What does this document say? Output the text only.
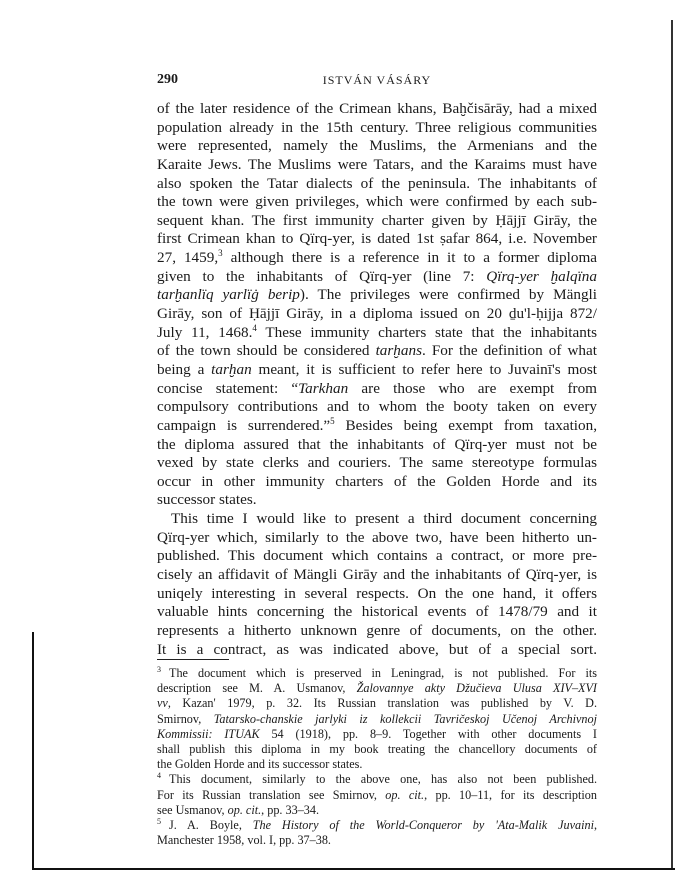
290	ISTVÁN VÁSÁRY
of the later residence of the Crimean khans, Baḫčisārāy, had a mixed
population already in the 15th century. Three religious communities
were represented, namely the Muslims, the Armenians and the
Karaite Jews. The Muslims were Tatars, and the Karaims must have
also spoken the Tatar dialects of the peninsula. The inhabitants of
the town were given privileges, which were confirmed by each sub-
sequent khan. The first immunity charter given by Ḥājjī Girāy, the
first Crimean khan to Qïrq-yer, is dated 1st ṣafar 864, i.e. November
27, 1459,$^3$ although there is a reference in it to a former diploma
given to the inhabitants of Qïrq-yer (line 7: Qïrq-yer ḫalqïna
tarḫanlïq yarlïġ berip). The privileges were confirmed by Mängli
Girāy, son of Ḥājjī Girāy, in a diploma issued on 20 ḏu'l-ḥijja 872/
July 11, 1468.$^4$ These immunity charters state that the inhabitants
of the town should be considered tarḫans. For the definition of what
being a tarḫan meant, it is sufficient to refer here to Juvainī's most
concise statement: “Tarkhan are those who are exempt from
compulsory contributions and to whom the booty taken on every
campaign is surrendered.”$^5$ Besides being exempt from taxation,
the diploma assured that the inhabitants of Qïrq-yer must not be
vexed by state clerks and couriers. The same stereotype formulas
occur in other immunity charters of the Golden Horde and its
successor states.
This time I would like to present a third document concerning
Qïrq-yer which, similarly to the above two, have been hitherto un-
published. This document which contains a contract, or more pre-
cisely an affidavit of Mängli Girāy and the inhabitants of Qïrq-yer, is
uniqely interesting in several respects. On the one hand, it offers
valuable hints concerning the historical events of 1478/79 and it
represents a hitherto unknown genre of documents, on the other.
It is a contract, as was indicated above, but of a special sort.
$^3$ The document which is preserved in Leningrad, is not published. For its
description see M. A. Usmanov, Žalovannye akty Džučieva Ulusa XIV–XVI
vv, Kazan' 1979, p. 32. Its Russian translation was published by V. D.
Smirnov, Tatarsko-chanskie jarlyki iz kollekcii Tavričeskoj Učenoj Archivnoj
Kommissii: ITUAK 54 (1918), pp. 8–9. Together with other documents I
shall publish this diploma in my book treating the chancellory documents of
the Golden Horde and its successor states.
$^4$ This document, similarly to the above one, has also not been published.
For its Russian translation see Smirnov, op. cit., pp. 10–11, for its description
see Usmanov, op. cit., pp. 33–34.
$^5$ J. A. Boyle, The History of the World-Conqueror by 'Ata-Malik Juvaini,
Manchester 1958, vol. I, pp. 37–38.
